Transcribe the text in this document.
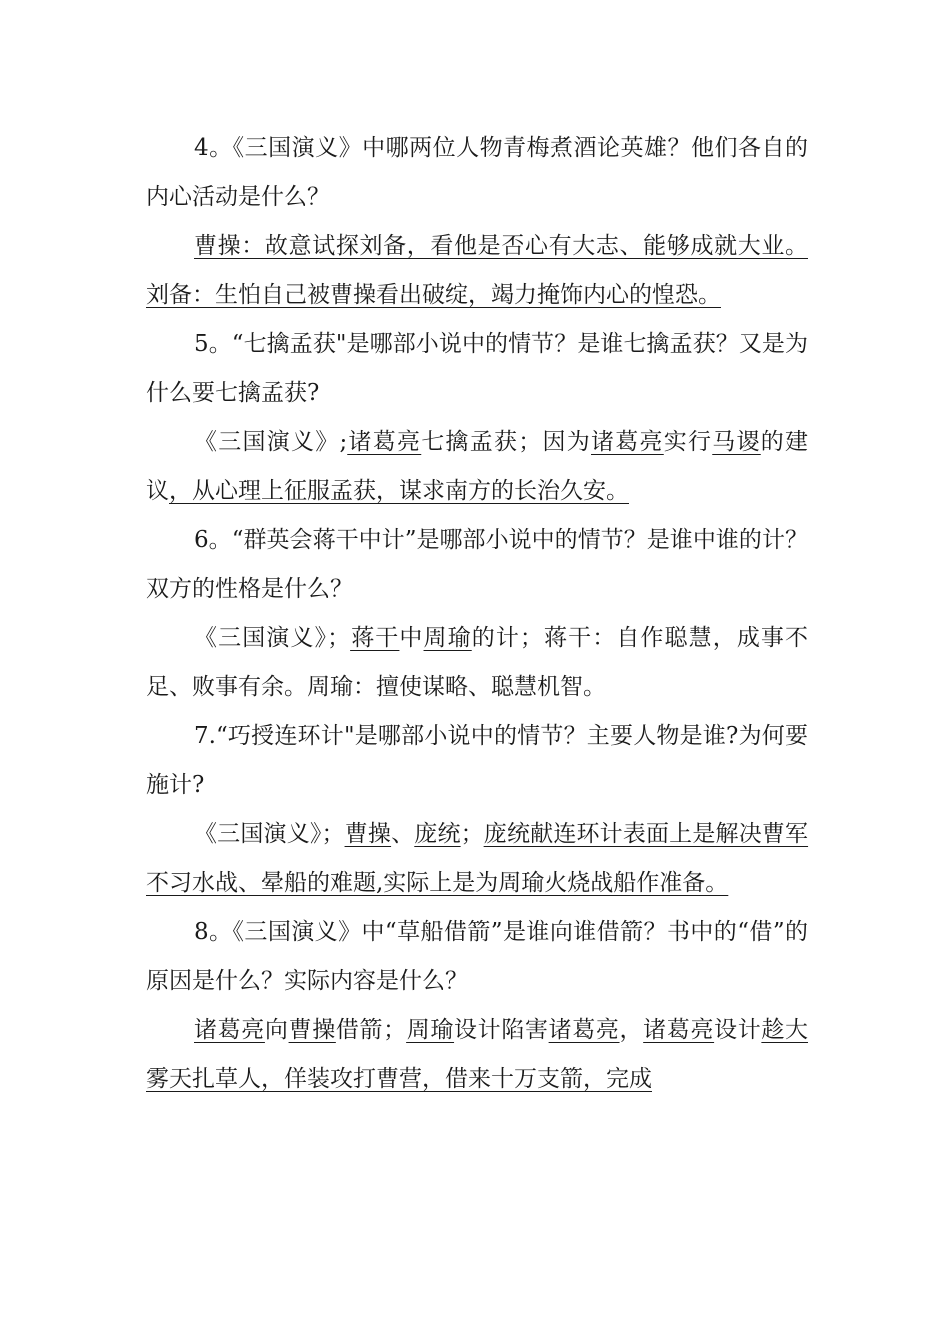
4。《三国演义》中哪两位人物青梅煮酒论英雄？他们各自的内心活动是什么？

曹操：故意试探刘备，看他是否心有大志、能够成就大业。刘备：生怕自己被曹操看出破绽，竭力掩饰内心的惶恐。

5。“七擒孟获"是哪部小说中的情节？是谁七擒孟获？又是为什么要七擒孟获?

《三国演义》;诸葛亮七擒孟获；因为诸葛亮实行马谡的建议，从心理上征服孟获，谋求南方的长治久安。

6。“群英会蒋干中计”是哪部小说中的情节？是谁中谁的计？双方的性格是什么？

《三国演义》；蒋干中周瑜的计；蒋干：自作聪慧，成事不足、败事有余。周瑜：擅使谋略、聪慧机智。

7.“巧授连环计"是哪部小说中的情节？主要人物是谁?为何要施计?

《三国演义》；曹操、庞统；庞统献连环计表面上是解决曹军不习水战、晕船的难题,实际上是为周瑜火烧战船作准备。

8。《三国演义》中“草船借箭”是谁向谁借箭？书中的“借”的原因是什么？实际内容是什么？

诸葛亮向曹操借箭；周瑜设计陷害诸葛亮，诸葛亮设计趁大雾天扎草人，佯装攻打曹营，借来十万支箭，完成
